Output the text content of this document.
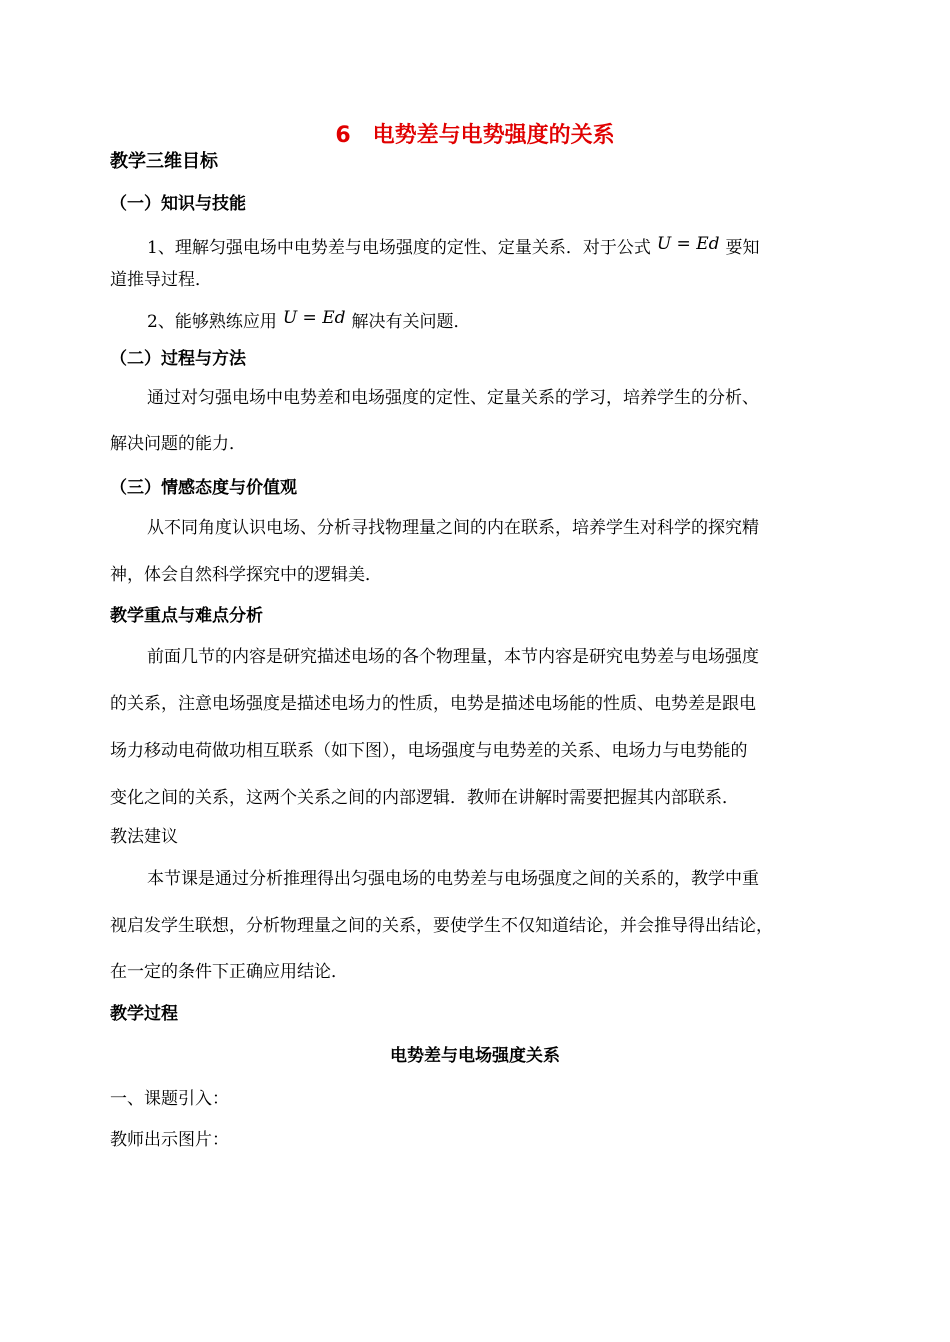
6 电势差与电势强度的关系
教学三维目标
（一）知识与技能
1、理解匀强电场中电势差与电场强度的定性、定量关系．对于公式 U = Ed 要知
道推导过程．
2、能够熟练应用 U = Ed 解决有关问题．
（二）过程与方法
通过对匀强电场中电势差和电场强度的定性、定量关系的学习，培养学生的分析、
解决问题的能力．
（三）情感态度与价值观
从不同角度认识电场、分析寻找物理量之间的内在联系，培养学生对科学的探究精
神，体会自然科学探究中的逻辑美．
教学重点与难点分析
前面几节的内容是研究描述电场的各个物理量，本节内容是研究电势差与电场强度
的关系，注意电场强度是描述电场力的性质，电势是描述电场能的性质、电势差是跟电
场力移动电荷做功相互联系（如下图），电场强度与电势差的关系、电场力与电势能的
变化之间的关系，这两个关系之间的内部逻辑．教师在讲解时需要把握其内部联系．
教法建议
本节课是通过分析推理得出匀强电场的电势差与电场强度之间的关系的，教学中重
视启发学生联想，分析物理量之间的关系，要使学生不仅知道结论，并会推导得出结论，
在一定的条件下正确应用结论．
教学过程
电势差与电场强度关系
一、课题引入：
教师出示图片：
